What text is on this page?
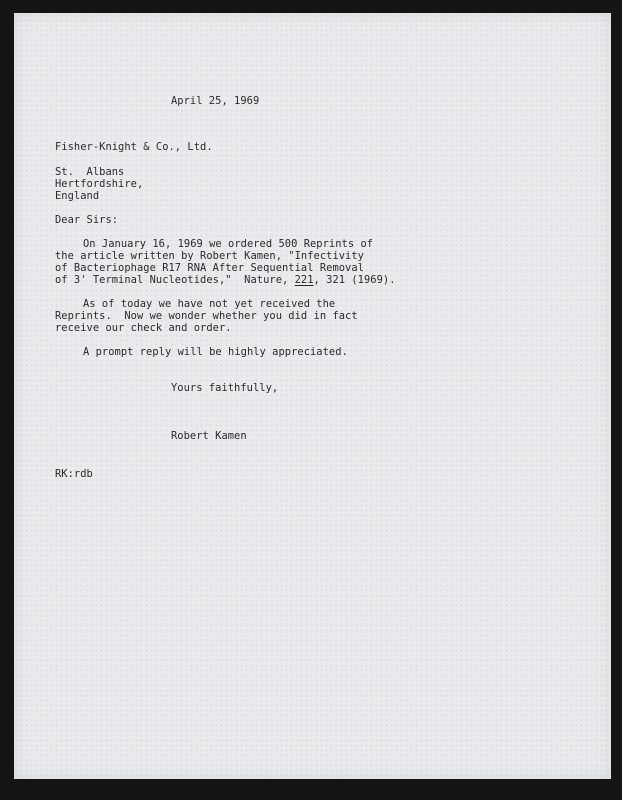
April 25, 1969

Fisher-Knight & Co., Ltd.

St.  Albans

Hertfordshire,

England

Dear Sirs:

On January 16, 1969 we ordered 500 Reprints of

the article written by Robert Kamen, "Infectivity

of Bacteriophage R17 RNA After Sequential Removal

of 3' Terminal Nucleotides,"  Nature, 221, 321 (1969).

As of today we have not yet received the

Reprints.  Now we wonder whether you did in fact

receive our check and order.

A prompt reply will be highly appreciated.

Yours faithfully,

Robert Kamen

RK:rdb
